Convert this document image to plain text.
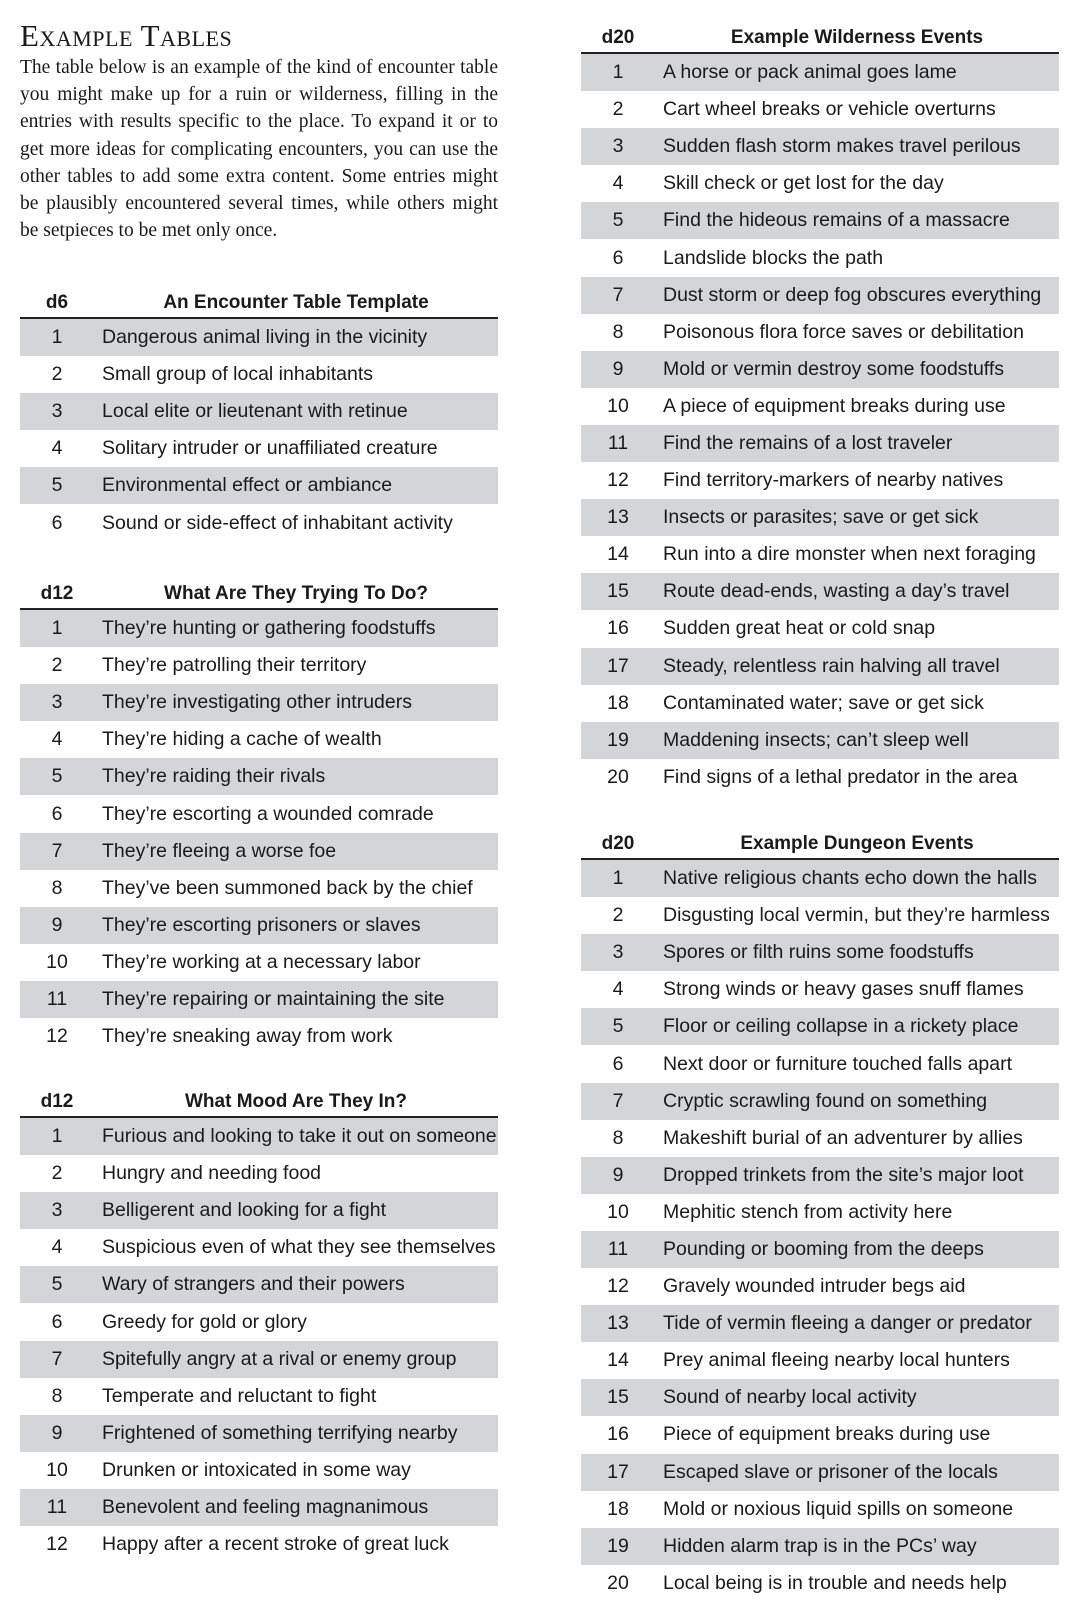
Example Tables

The table below is an example of the kind of encounter table you might make up for a ruin or wilderness, filling in the entries with results specific to the place. To expand it or to get more ideas for complicating encounters, you can use the other tables to add some extra content. Some entries might be plausibly encountered several times, while others might be setpieces to be met only once.

d6	An Encounter Table Template
1	Dangerous animal living in the vicinity
2	Small group of local inhabitants
3	Local elite or lieutenant with retinue
4	Solitary intruder or unaffiliated creature
5	Environmental effect or ambiance
6	Sound or side-effect of inhabitant activity
d12	What Are They Trying To Do?
1	They’re hunting or gathering foodstuffs
2	They’re patrolling their territory
3	They’re investigating other intruders
4	They’re hiding a cache of wealth
5	They’re raiding their rivals
6	They’re escorting a wounded comrade
7	They’re fleeing a worse foe
8	They’ve been summoned back by the chief
9	They’re escorting prisoners or slaves
10	They’re working at a necessary labor
11	They’re repairing or maintaining the site
12	They’re sneaking away from work
d12	What Mood Are They In?
1	Furious and looking to take it out on someone
2	Hungry and needing food
3	Belligerent and looking for a fight
4	Suspicious even of what they see themselves
5	Wary of strangers and their powers
6	Greedy for gold or glory
7	Spitefully angry at a rival or enemy group
8	Temperate and reluctant to fight
9	Frightened of something terrifying nearby
10	Drunken or intoxicated in some way
11	Benevolent and feeling magnanimous
12	Happy after a recent stroke of great luck
d20	Example Wilderness Events
1	A horse or pack animal goes lame
2	Cart wheel breaks or vehicle overturns
3	Sudden flash storm makes travel perilous
4	Skill check or get lost for the day
5	Find the hideous remains of a massacre
6	Landslide blocks the path
7	Dust storm or deep fog obscures everything
8	Poisonous flora force saves or debilitation
9	Mold or vermin destroy some foodstuffs
10	A piece of equipment breaks during use
11	Find the remains of a lost traveler
12	Find territory-markers of nearby natives
13	Insects or parasites; save or get sick
14	Run into a dire monster when next foraging
15	Route dead-ends, wasting a day’s travel
16	Sudden great heat or cold snap
17	Steady, relentless rain halving all travel
18	Contaminated water; save or get sick
19	Maddening insects; can’t sleep well
20	Find signs of a lethal predator in the area
d20	Example Dungeon Events
1	Native religious chants echo down the halls
2	Disgusting local vermin, but they’re harmless
3	Spores or filth ruins some foodstuffs
4	Strong winds or heavy gases snuff flames
5	Floor or ceiling collapse in a rickety place
6	Next door or furniture touched falls apart
7	Cryptic scrawling found on something
8	Makeshift burial of an adventurer by allies
9	Dropped trinkets from the site’s major loot
10	Mephitic stench from activity here
11	Pounding or booming from the deeps
12	Gravely wounded intruder begs aid
13	Tide of vermin fleeing a danger or predator
14	Prey animal fleeing nearby local hunters
15	Sound of nearby local activity
16	Piece of equipment breaks during use
17	Escaped slave or prisoner of the locals
18	Mold or noxious liquid spills on someone
19	Hidden alarm trap is in the PCs’ way
20	Local being is in trouble and needs help
